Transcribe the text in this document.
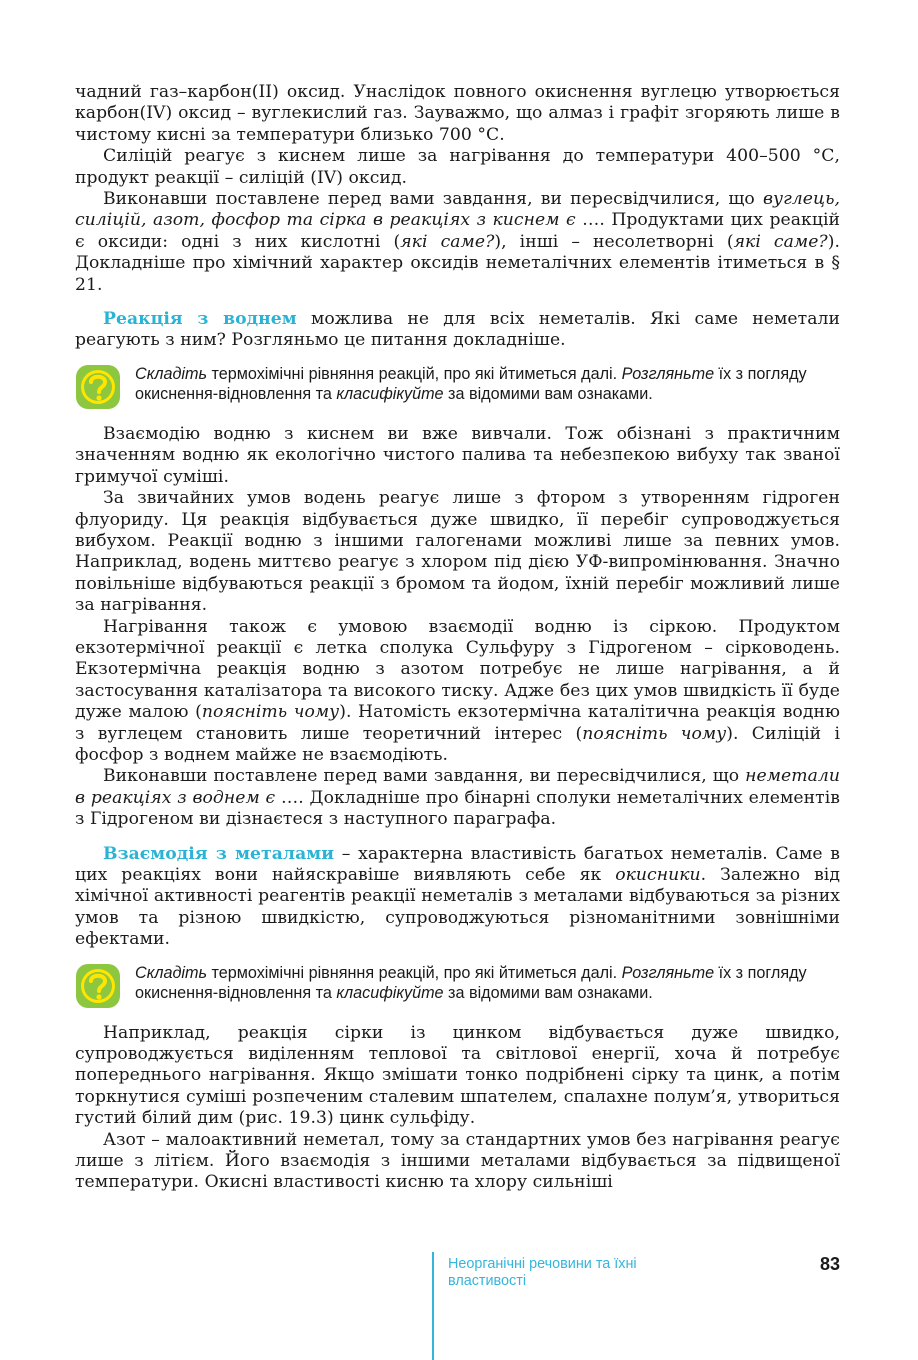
чадний газ–карбон(II) оксид. Унаслідок повного окиснення вуглецю утворюється карбон(IV) оксид – вуглекислий газ. Зауважмо, що алмаз і графіт згоряють лише в чистому кисні за температури близько 700 °С.

Силіцій реагує з киснем лише за нагрівання до температури 400–500 °С, продукт реакції – силіцій (IV) оксид.

Виконавши поставлене перед вами завдання, ви пересвідчилися, що вуглець, силіцій, азот, фосфор та сірка в реакціях з киснем є …. Продуктами цих реакцій є оксиди: одні з них кислотні (які саме?), інші – несолетворні (які саме?). Докладніше про хімічний характер оксидів неметалічних елементів ітиметься в § 21.

Реакція з воднем можлива не для всіх неметалів. Які саме неметали реагують з ним? Розгляньмо це питання докладніше.

Складіть термохімічні рівняння реакцій, про які йтиметься далі. Розгляньте їх з погляду окиснення-відновлення та класифікуйте за відомими вам ознаками.

Взаємодію водню з киснем ви вже вивчали. Тож обізнані з практичним значенням водню як екологічно чистого палива та небезпекою вибуху так званої гримучої суміші.

За звичайних умов водень реагує лише з фтором з утворенням гідроген флуориду. Ця реакція відбувається дуже швидко, її перебіг супроводжується вибухом. Реакції водню з іншими галогенами можливі лише за певних умов. Наприклад, водень миттєво реагує з хлором під дією УФ-випромінювання. Значно повільніше відбуваються реакції з бромом та йодом, їхній перебіг можливий лише за нагрівання.

Нагрівання також є умовою взаємодії водню із сіркою. Продуктом екзотермічної реакції є летка сполука Сульфуру з Гідрогеном – сірководень. Екзотермічна реакція водню з азотом потребує не лише нагрівання, а й застосування каталізатора та високого тиску. Адже без цих умов швидкість її буде дуже малою (поясніть чому). Натомість екзотермічна каталітична реакція водню з вуглецем становить лише теоретичний інтерес (поясніть чому). Силіцій і фосфор з воднем майже не взаємодіють.

Виконавши поставлене перед вами завдання, ви пересвідчилися, що неметали в реакціях з воднем є …. Докладніше про бінарні сполуки неметалічних елементів з Гідрогеном ви дізнаєтеся з наступного параграфа.

Взаємодія з металами – характерна властивість багатьох неметалів. Саме в цих реакціях вони найяскравіше виявляють себе як окисники. Залежно від хімічної активності реагентів реакції неметалів з металами відбуваються за різних умов та різною швидкістю, супроводжуються різноманітними зовнішніми ефектами.

Складіть термохімічні рівняння реакцій, про які йтиметься далі. Розгляньте їх з погляду окиснення-відновлення та класифікуйте за відомими вам ознаками.

Наприклад, реакція сірки із цинком відбувається дуже швидко, супроводжується виділенням теплової та світлової енергії, хоча й потребує попереднього нагрівання. Якщо змішати тонко подрібнені сірку та цинк, а потім торкнутися суміші розпеченим сталевим шпателем, спалахне полум’я, утвориться густий білий дим (рис. 19.3) цинк сульфіду.

Азот – малоактивний неметал, тому за стандартних умов без нагрівання реагує лише з літієм. Його взаємодія з іншими металами відбувається за підвищеної температури. Окисні властивості кисню та хлору сильніші

Неорганічні речовини та їхні властивості
83
